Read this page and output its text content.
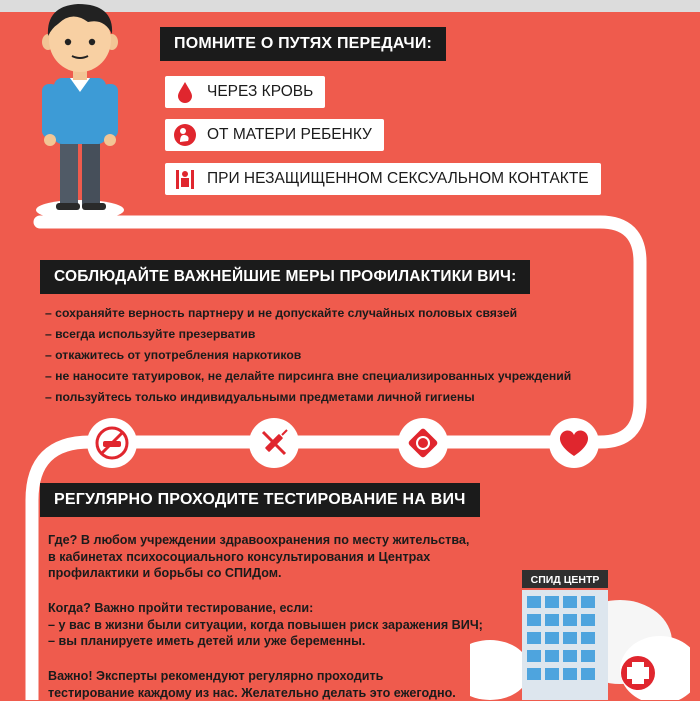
ПОМНИТЕ О ПУТЯХ ПЕРЕДАЧИ:
ЧЕРЕЗ КРОВЬ
ОТ МАТЕРИ РЕБЕНКУ
ПРИ НЕЗАЩИЩЕННОМ СЕКСУАЛЬНОМ КОНТАКТЕ
СОБЛЮДАЙТЕ ВАЖНЕЙШИЕ МЕРЫ ПРОФИЛАКТИКИ ВИЧ:
– сохраняйте верность партнеру и не допускайте случайных половых связей
– всегда используйте презерватив
– откажитесь от употребления наркотиков
– не наносите татуировок, не делайте пирсинга вне специализированных учреждений
– пользуйтесь только индивидуальными предметами личной гигиены
РЕГУЛЯРНО ПРОХОДИТЕ ТЕСТИРОВАНИЕ НА ВИЧ
Где? В любом учреждении здравоохранения по месту жительства,
в кабинетах психосоциального консультирования и Центрах
профилактики и борьбы со СПИДом.
Когда? Важно пройти тестирование, если:
– у вас в жизни были ситуации, когда повышен риск заражения ВИЧ;
– вы планируете иметь детей или уже беременны.
Важно! Эксперты рекомендуют регулярно проходить
тестирование каждому из нас. Желательно делать это ежегодно.
СПИД ЦЕНТР
